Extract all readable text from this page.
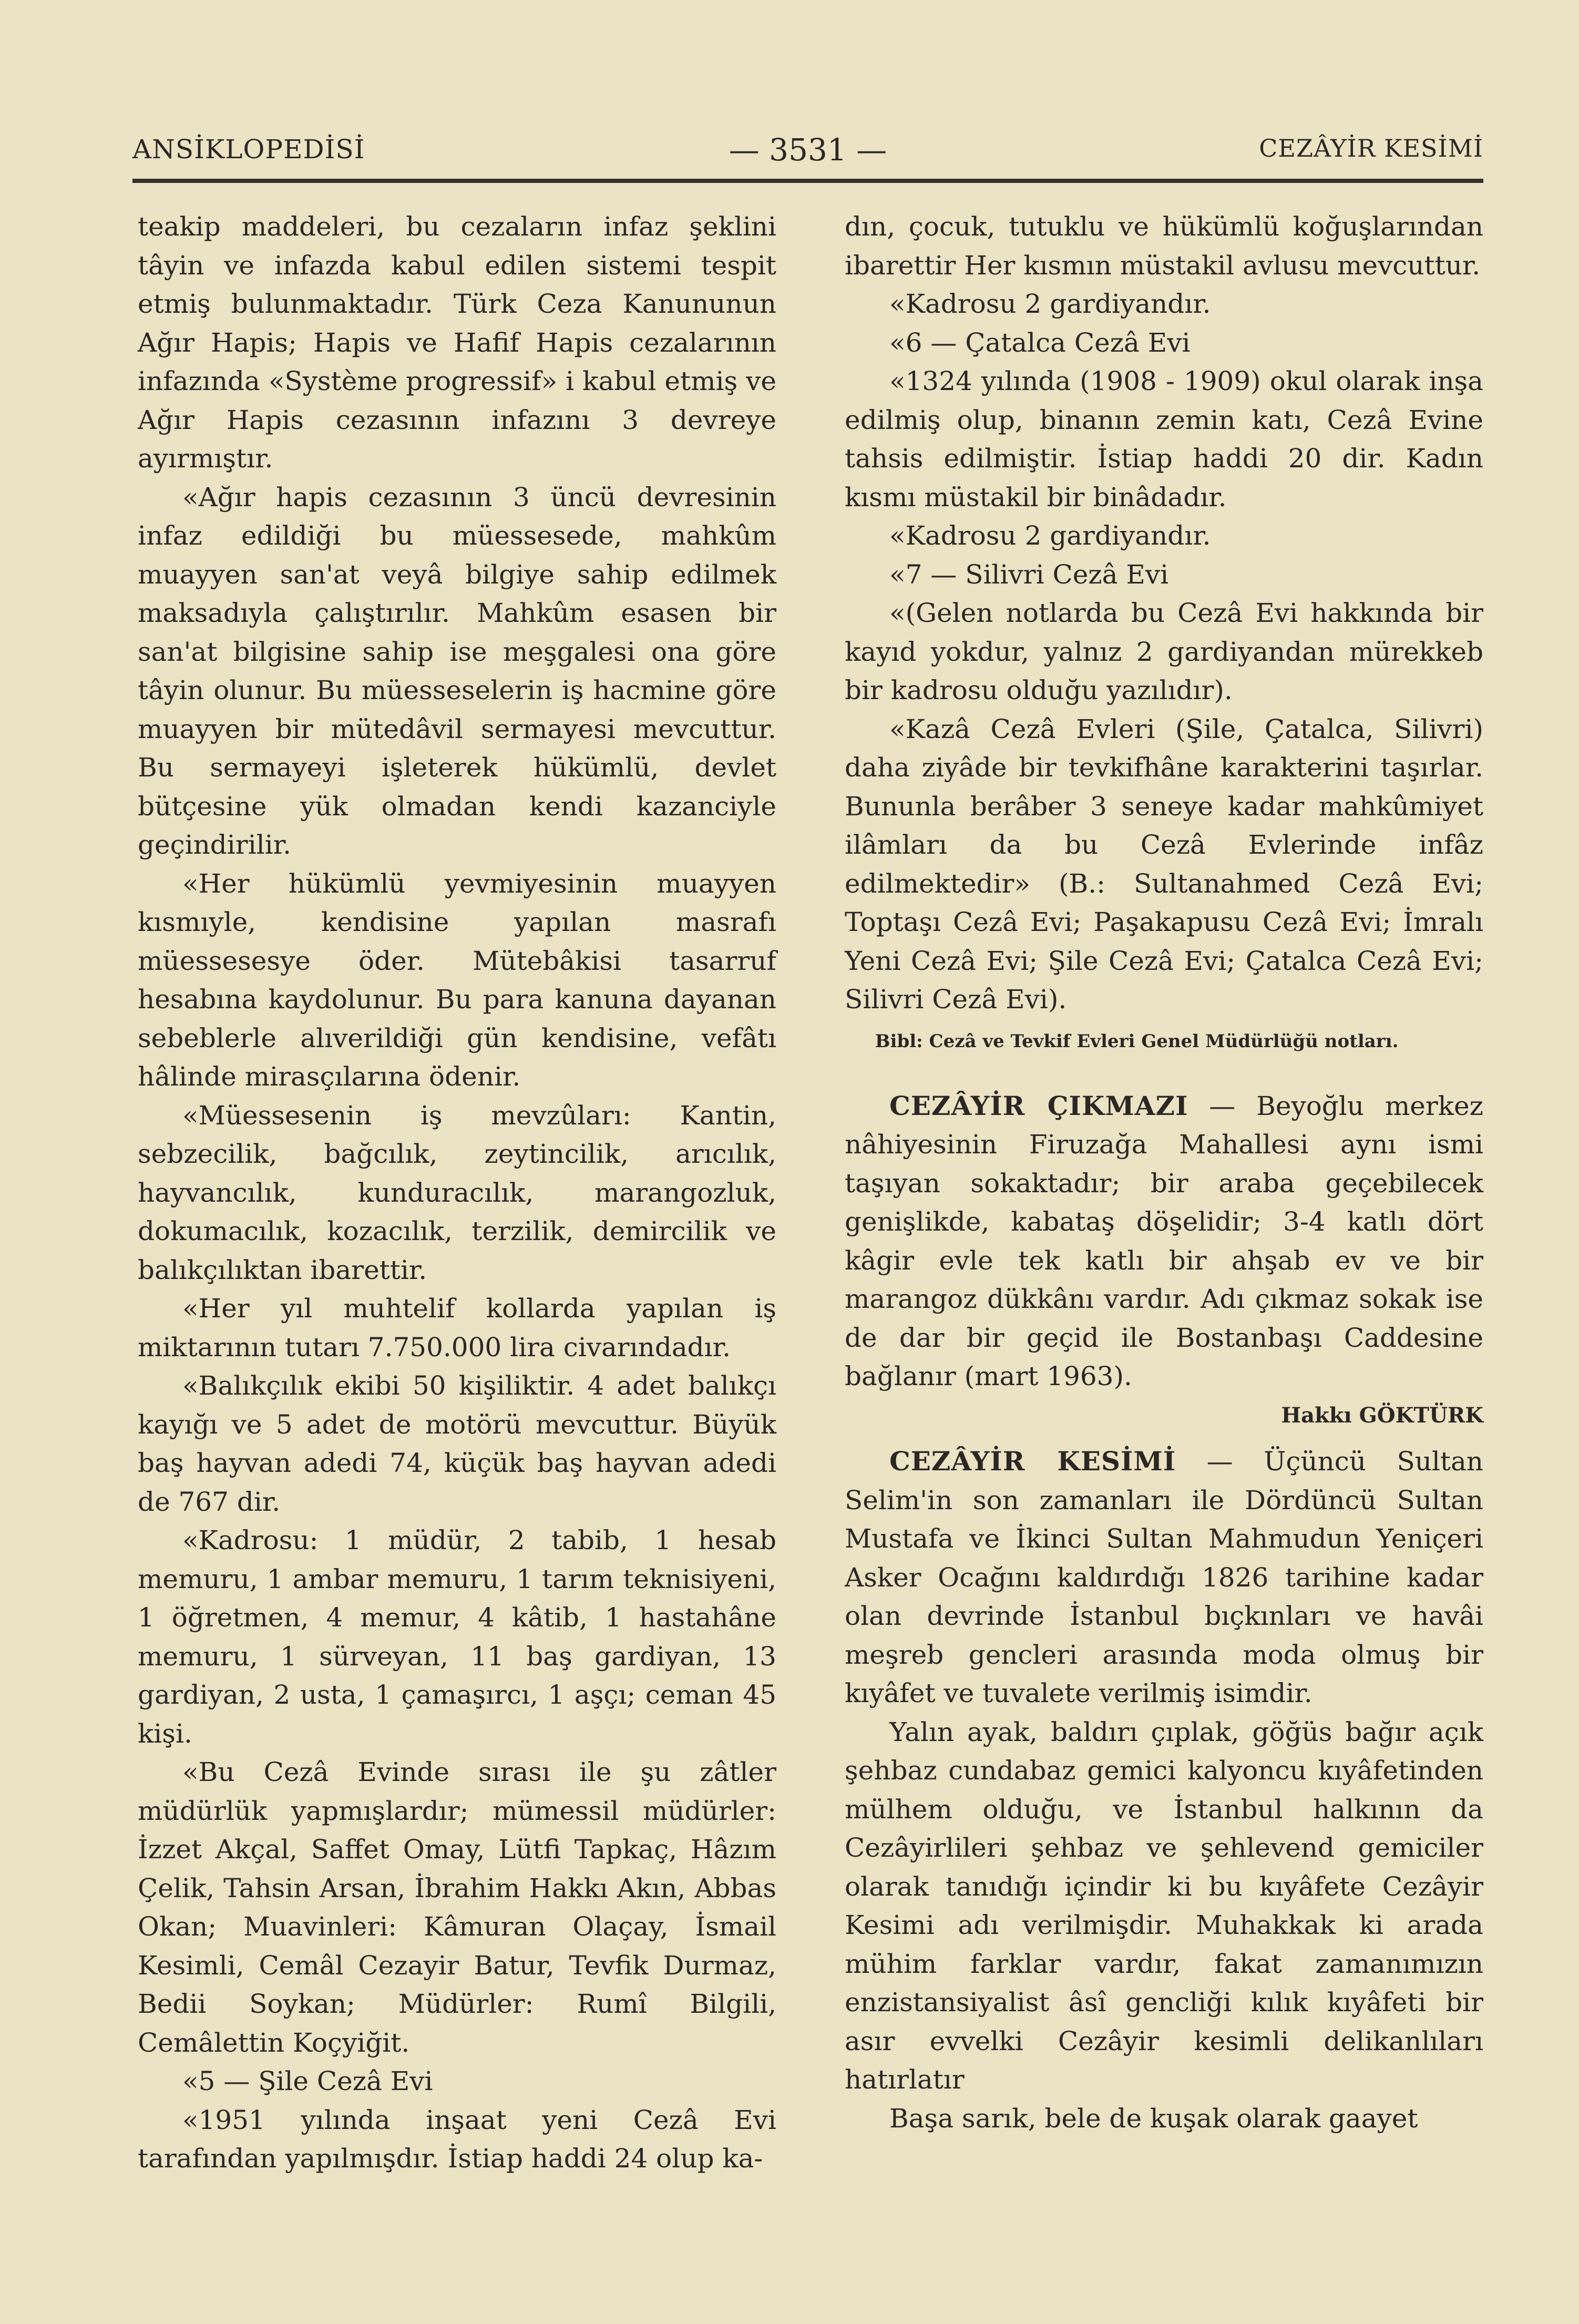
ANSİKLOPEDİSİ	— 3531 —	CEZÂYİR KESİMİ

teakip maddeleri, bu cezaların infaz şeklini tâyin ve infazda kabul edilen sistemi tespit etmiş bulunmaktadır. Türk Ceza Kanununun Ağır Hapis; Hapis ve Hafif Hapis cezalarının infazında «Système progressif» i kabul etmiş ve Ağır Hapis cezasının infazını 3 devreye ayırmıştır.

«Ağır hapis cezasının 3 üncü devresinin infaz edildiği bu müessesede, mahkûm muayyen san'at veyâ bilgiye sahip edilmek maksadıyla çalıştırılır. Mahkûm esasen bir san'at bilgisine sahip ise meşgalesi ona göre tâyin olunur. Bu müesseselerin iş hacmine göre muayyen bir mütedâvil sermayesi mevcuttur. Bu sermayeyi işleterek hükümlü, devlet bütçesine yük olmadan kendi kazanciyle geçindirilir.

«Her hükümlü yevmiyesinin muayyen kısmıyle, kendisine yapılan masrafı müessesesye öder. Mütebâkisi tasarruf hesabına kaydolunur. Bu para kanuna dayanan sebeblerle alıverildiği gün kendisine, vefâtı hâlinde mirasçılarına ödenir.

«Müessesenin iş mevzûları: Kantin, sebzecilik, bağcılık, zeytincilik, arıcılık, hayvancılık, kunduracılık, marangozluk, dokumacılık, kozacılık, terzilik, demircilik ve balıkçılıktan ibarettir.

«Her yıl muhtelif kollarda yapılan iş miktarının tutarı 7.750.000 lira civarındadır.

«Balıkçılık ekibi 50 kişiliktir. 4 adet balıkçı kayığı ve 5 adet de motörü mevcuttur. Büyük baş hayvan adedi 74, küçük baş hayvan adedi de 767 dir.

«Kadrosu: 1 müdür, 2 tabib, 1 hesab memuru, 1 ambar memuru, 1 tarım teknisiyeni, 1 öğretmen, 4 memur, 4 kâtib, 1 hastahâne memuru, 1 sürveyan, 11 baş gardiyan, 13 gardiyan, 2 usta, 1 çamaşırcı, 1 aşçı; ceman 45 kişi.

«Bu Cezâ Evinde sırası ile şu zâtler müdürlük yapmışlardır; mümessil müdürler: İzzet Akçal, Saffet Omay, Lütfi Tapkaç, Hâzım Çelik, Tahsin Arsan, İbrahim Hakkı Akın, Abbas Okan; Muavinleri: Kâmuran Olaçay, İsmail Kesimli, Cemâl Cezayir Batur, Tevfik Durmaz, Bedii Soykan; Müdürler: Rumî Bilgili, Cemâlettin Koçyiğit.

«5 — Şile Cezâ Evi

«1951 yılında inşaat yeni Cezâ Evi tarafından yapılmışdır. İstiap haddi 24 olup ka-

dın, çocuk, tutuklu ve hükümlü koğuşlarından ibarettir Her kısmın müstakil avlusu mevcuttur.

«Kadrosu 2 gardiyandır.

«6 — Çatalca Cezâ Evi

«1324 yılında (1908 - 1909) okul olarak inşa edilmiş olup, binanın zemin katı, Cezâ Evine tahsis edilmiştir. İstiap haddi 20 dir. Kadın kısmı müstakil bir binâdadır.

«Kadrosu 2 gardiyandır.

«7 — Silivri Cezâ Evi

«(Gelen notlarda bu Cezâ Evi hakkında bir kayıd yokdur, yalnız 2 gardiyandan mürekkeb bir kadrosu olduğu yazılıdır).

«Kazâ Cezâ Evleri (Şile, Çatalca, Silivri) daha ziyâde bir tevkifhâne karakterini taşırlar. Bununla berâber 3 seneye kadar mahkûmiyet ilâmları da bu Cezâ Evlerinde infâz edilmektedir» (B.: Sultanahmed Cezâ Evi; Toptaşı Cezâ Evi; Paşakapusu Cezâ Evi; İmralı Yeni Cezâ Evi; Şile Cezâ Evi; Çatalca Cezâ Evi; Silivri Cezâ Evi).

Bibl: Cezâ ve Tevkif Evleri Genel Müdürlüğü notları.

CEZÂYİR ÇIKMAZI — Beyoğlu merkez nâhiyesinin Firuzağa Mahallesi aynı ismi taşıyan sokaktadır; bir araba geçebilecek genişlikde, kabataş döşelidir; 3-4 katlı dört kâgir evle tek katlı bir ahşab ev ve bir marangoz dükkânı vardır. Adı çıkmaz sokak ise de dar bir geçid ile Bostanbaşı Caddesine bağlanır (mart 1963).

Hakkı GÖKTÜRK

CEZÂYİR KESİMİ — Üçüncü Sultan Selim'in son zamanları ile Dördüncü Sultan Mustafa ve İkinci Sultan Mahmudun Yeniçeri Asker Ocağını kaldırdığı 1826 tarihine kadar olan devrinde İstanbul bıçkınları ve havâi meşreb gencleri arasında moda olmuş bir kıyâfet ve tuvalete verilmiş isimdir.

Yalın ayak, baldırı çıplak, göğüs bağır açık şehbaz cundabaz gemici kalyoncu kıyâfetinden mülhem olduğu, ve İstanbul halkının da Cezâyirlileri şehbaz ve şehlevend gemiciler olarak tanıdığı içindir ki bu kıyâfete Cezâyir Kesimi adı verilmişdir. Muhakkak ki arada mühim farklar vardır, fakat zamanımızın enzistansiyalist âsî gencliği kılık kıyâfeti bir asır evvelki Cezâyir kesimli delikanlıları hatırlatır

Başa sarık, bele de kuşak olarak gaayet
